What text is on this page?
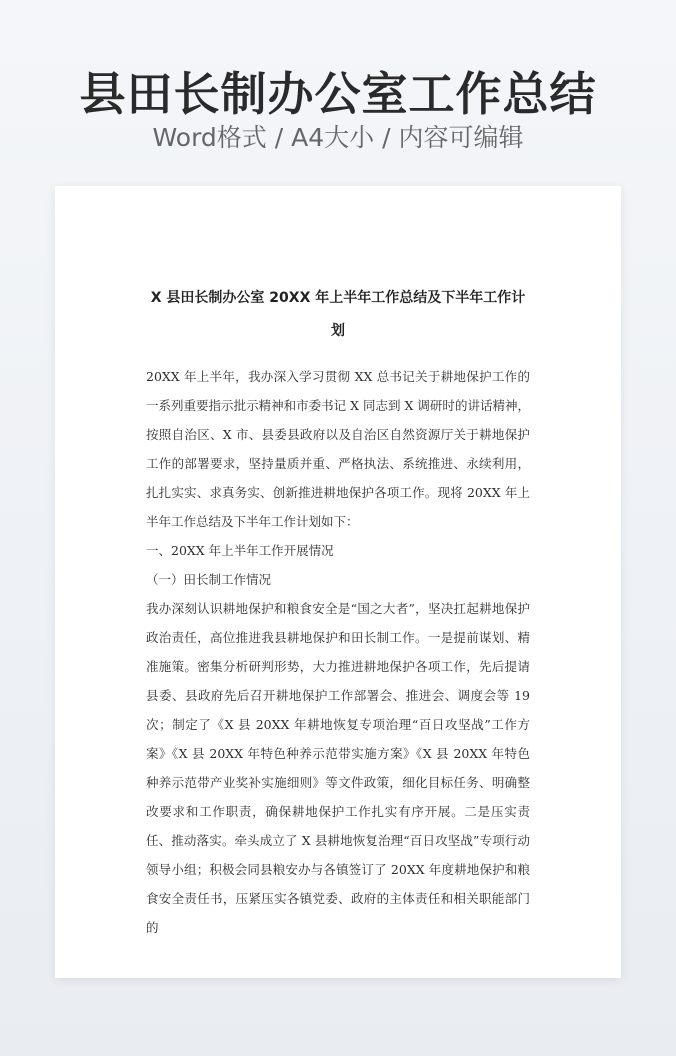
县田长制办公室工作总结
Word格式 / A4大小 / 内容可编辑
X 县田长制办公室 20XX 年上半年工作总结及下半年工作计划

20XX 年上半年，我办深入学习贯彻 XX 总书记关于耕地保护工作的一系列重要指示批示精神和市委书记 X 同志到 X 调研时的讲话精神，按照自治区、X 市、县委县政府以及自治区自然资源厅关于耕地保护工作的部署要求，坚持量质并重、严格执法、系统推进、永续利用，扎扎实实、求真务实、创新推进耕地保护各项工作。现将 20XX 年上半年工作总结及下半年工作计划如下：

一、20XX 年上半年工作开展情况

（一）田长制工作情况

我办深刻认识耕地保护和粮食安全是“国之大者”，坚决扛起耕地保护政治责任，高位推进我县耕地保护和田长制工作。一是提前谋划、精准施策。密集分析研判形势，大力推进耕地保护各项工作，先后提请县委、县政府先后召开耕地保护工作部署会、推进会、调度会等 19 次；制定了《X 县 20XX 年耕地恢复专项治理“百日攻坚战”工作方案》《X 县 20XX 年特色种养示范带实施方案》《X 县 20XX 年特色种养示范带产业奖补实施细则》等文件政策，细化目标任务、明确整改要求和工作职责，确保耕地保护工作扎实有序开展。二是压实责任、推动落实。牵头成立了 X 县耕地恢复治理“百日攻坚战”专项行动领导小组；积极会同县粮安办与各镇签订了 20XX 年度耕地保护和粮食安全责任书，压紧压实各镇党委、政府的主体责任和相关职能部门的
